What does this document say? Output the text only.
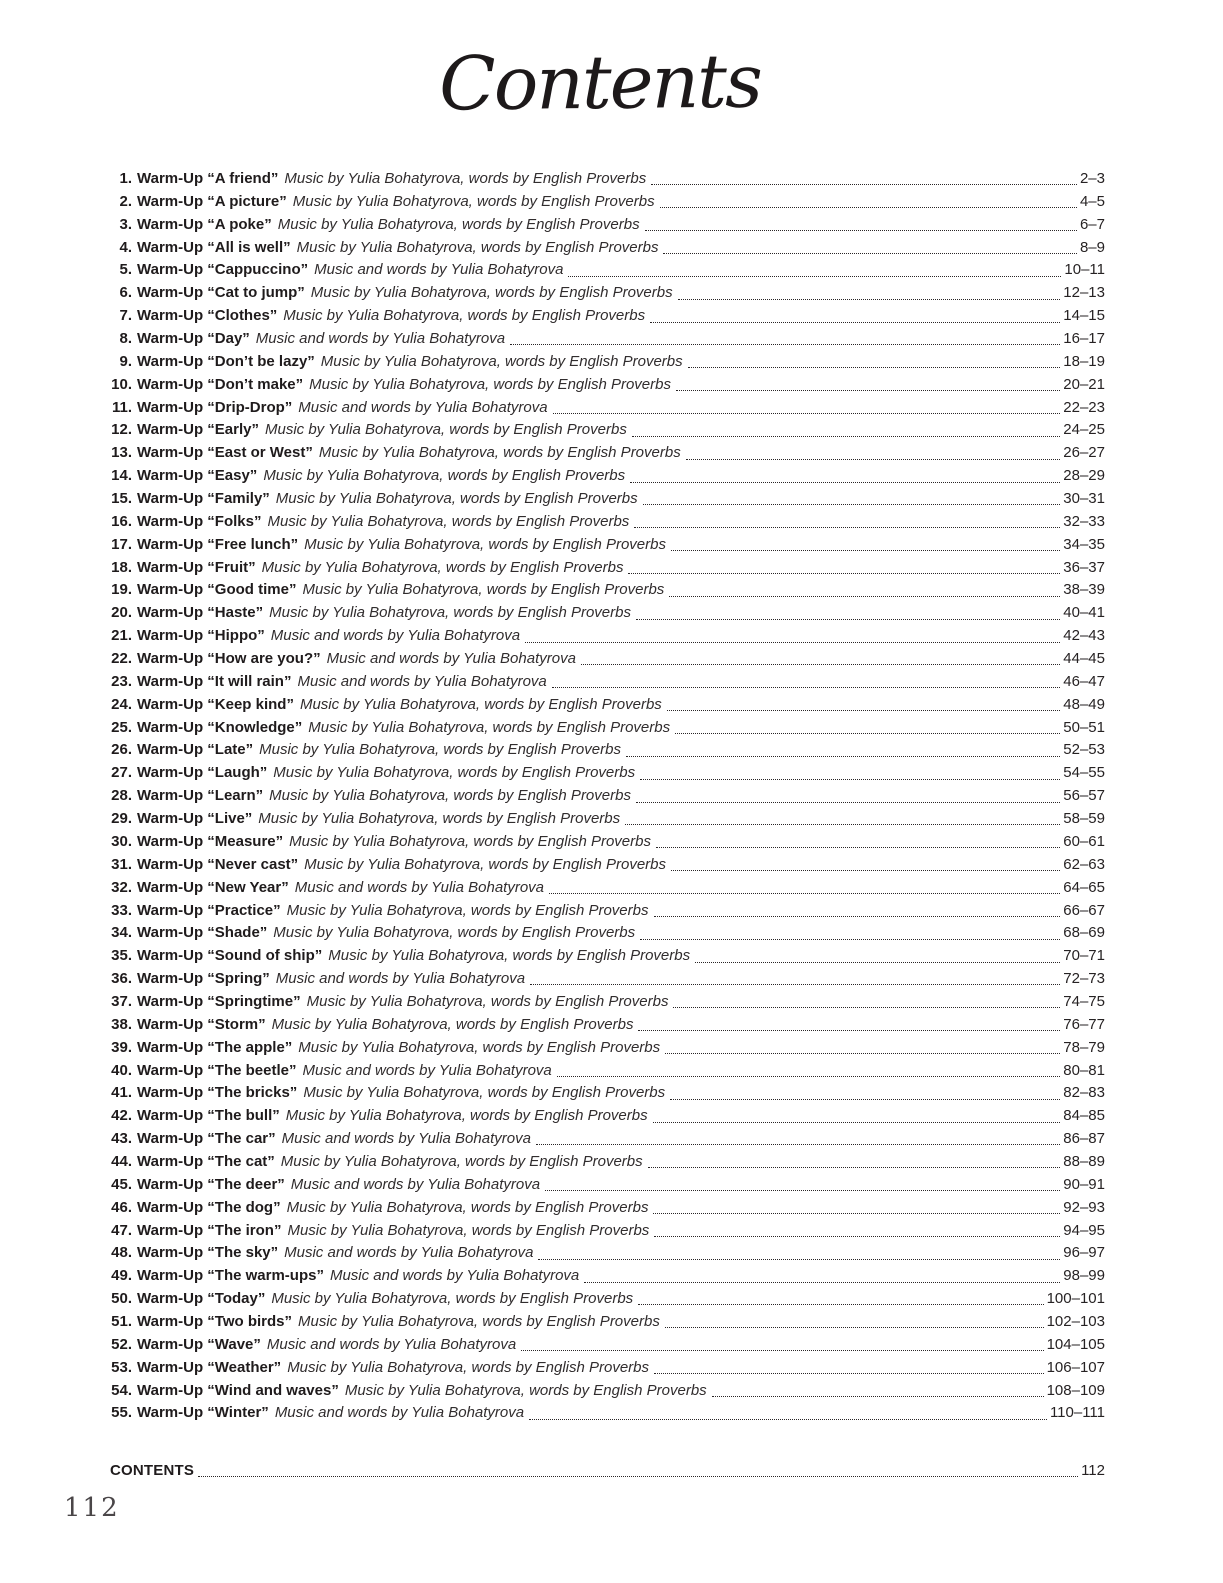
Contents
1. Warm-Up “A friend” Music by Yulia Bohatyrova, words by English Proverbs	2–3
2. Warm-Up “A picture” Music by Yulia Bohatyrova, words by English Proverbs	4–5
3. Warm-Up “A poke” Music by Yulia Bohatyrova, words by English Proverbs	6–7
4. Warm-Up “All is well” Music by Yulia Bohatyrova, words by English Proverbs	8–9
5. Warm-Up “Cappuccino” Music and words by Yulia Bohatyrova	10–11
6. Warm-Up “Cat to jump” Music by Yulia Bohatyrova, words by English Proverbs	12–13
7. Warm-Up “Clothes” Music by Yulia Bohatyrova, words by English Proverbs	14–15
8. Warm-Up “Day” Music and words by Yulia Bohatyrova	16–17
9. Warm-Up “Don’t be lazy” Music by Yulia Bohatyrova, words by English Proverbs	18–19
10. Warm-Up “Don’t make” Music by Yulia Bohatyrova, words by English Proverbs	20–21
11. Warm-Up “Drip-Drop” Music and words by Yulia Bohatyrova	22–23
12. Warm-Up “Early” Music by Yulia Bohatyrova, words by English Proverbs	24–25
13. Warm-Up “East or West” Music by Yulia Bohatyrova, words by English Proverbs	26–27
14. Warm-Up “Easy” Music by Yulia Bohatyrova, words by English Proverbs	28–29
15. Warm-Up “Family” Music by Yulia Bohatyrova, words by English Proverbs	30–31
16. Warm-Up “Folks” Music by Yulia Bohatyrova, words by English Proverbs	32–33
17. Warm-Up “Free lunch” Music by Yulia Bohatyrova, words by English Proverbs	34–35
18. Warm-Up “Fruit” Music by Yulia Bohatyrova, words by English Proverbs	36–37
19. Warm-Up “Good time” Music by Yulia Bohatyrova, words by English Proverbs	38–39
20. Warm-Up “Haste” Music by Yulia Bohatyrova, words by English Proverbs	40–41
21. Warm-Up “Hippo” Music and words by Yulia Bohatyrova	42–43
22. Warm-Up “How are you?” Music and words by Yulia Bohatyrova	44–45
23. Warm-Up “It will rain” Music and words by Yulia Bohatyrova	46–47
24. Warm-Up “Keep kind” Music by Yulia Bohatyrova, words by English Proverbs	48–49
25. Warm-Up “Knowledge” Music by Yulia Bohatyrova, words by English Proverbs	50–51
26. Warm-Up “Late” Music by Yulia Bohatyrova, words by English Proverbs	52–53
27. Warm-Up “Laugh” Music by Yulia Bohatyrova, words by English Proverbs	54–55
28. Warm-Up “Learn” Music by Yulia Bohatyrova, words by English Proverbs	56–57
29. Warm-Up “Live” Music by Yulia Bohatyrova, words by English Proverbs	58–59
30. Warm-Up “Measure” Music by Yulia Bohatyrova, words by English Proverbs	60–61
31. Warm-Up “Never cast” Music by Yulia Bohatyrova, words by English Proverbs	62–63
32. Warm-Up “New Year” Music and words by Yulia Bohatyrova	64–65
33. Warm-Up “Practice” Music by Yulia Bohatyrova, words by English Proverbs	66–67
34. Warm-Up “Shade” Music by Yulia Bohatyrova, words by English Proverbs	68–69
35. Warm-Up “Sound of ship” Music by Yulia Bohatyrova, words by English Proverbs	70–71
36. Warm-Up “Spring” Music and words by Yulia Bohatyrova	72–73
37. Warm-Up “Springtime” Music by Yulia Bohatyrova, words by English Proverbs	74–75
38. Warm-Up “Storm” Music by Yulia Bohatyrova, words by English Proverbs	76–77
39. Warm-Up “The apple” Music by Yulia Bohatyrova, words by English Proverbs	78–79
40. Warm-Up “The beetle” Music and words by Yulia Bohatyrova	80–81
41. Warm-Up “The bricks” Music by Yulia Bohatyrova, words by English Proverbs	82–83
42. Warm-Up “The bull” Music by Yulia Bohatyrova, words by English Proverbs	84–85
43. Warm-Up “The car” Music and words by Yulia Bohatyrova	86–87
44. Warm-Up “The cat” Music by Yulia Bohatyrova, words by English Proverbs	88–89
45. Warm-Up “The deer” Music and words by Yulia Bohatyrova	90–91
46. Warm-Up “The dog” Music by Yulia Bohatyrova, words by English Proverbs	92–93
47. Warm-Up “The iron” Music by Yulia Bohatyrova, words by English Proverbs	94–95
48. Warm-Up “The sky” Music and words by Yulia Bohatyrova	96–97
49. Warm-Up “The warm-ups” Music and words by Yulia Bohatyrova	98–99
50. Warm-Up “Today” Music by Yulia Bohatyrova, words by English Proverbs	100–101
51. Warm-Up “Two birds” Music by Yulia Bohatyrova, words by English Proverbs	102–103
52. Warm-Up “Wave” Music and words by Yulia Bohatyrova	104–105
53. Warm-Up “Weather” Music by Yulia Bohatyrova, words by English Proverbs	106–107
54. Warm-Up “Wind and waves” Music by Yulia Bohatyrova, words by English Proverbs	108–109
55. Warm-Up “Winter” Music and words by Yulia Bohatyrova	110–111
CONTENTS	112
112
